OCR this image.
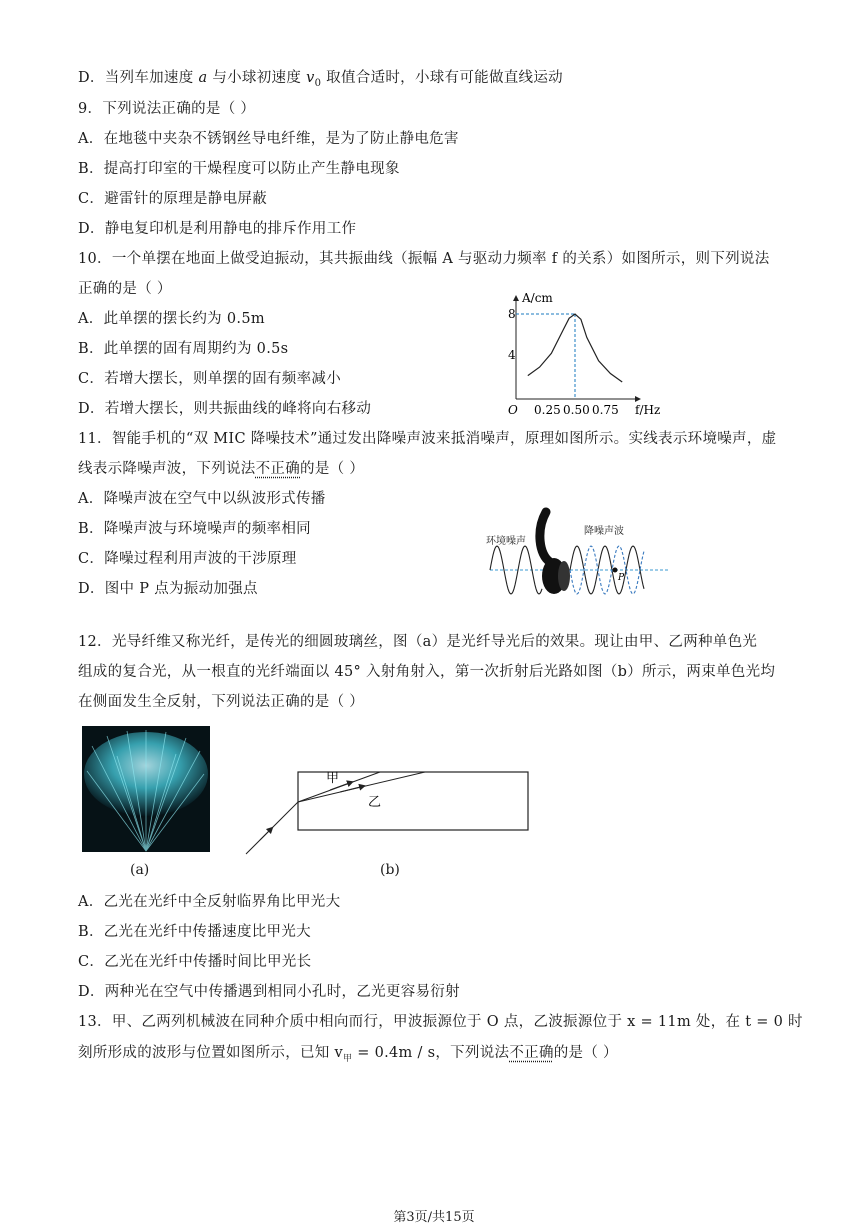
D．当列车加速度 a 与小球初速度 $v_0$ 取值合适时，小球有可能做直线运动
9．下列说法正确的是（ ）
A．在地毯中夹杂不锈钢丝导电纤维，是为了防止静电危害
B．提高打印室的干燥程度可以防止产生静电现象
C．避雷针的原理是静电屏蔽
D．静电复印机是利用静电的排斥作用工作
10．一个单摆在地面上做受迫振动，其共振曲线（振幅 A 与驱动力频率 f 的关系）如图所示，则下列说法
正确的是（ ）
A．此单摆的摆长约为 0.5m
B．此单摆的固有周期约为 0.5s
C．若增大摆长，则单摆的固有频率减小
D．若增大摆长，则共振曲线的峰将向右移动
A/cm
f/Hz
O
8
4
0.25 0.50 0.75
11．智能手机的“双 MIC 降噪技术”通过发出降噪声波来抵消噪声，原理如图所示。实线表示环境噪声，虚
线表示降噪声波，下列说法不正确的是（ ）
A．降噪声波在空气中以纵波形式传播
B．降噪声波与环境噪声的频率相同
C．降噪过程利用声波的干涉原理
D．图中 P 点为振动加强点
环境噪声
降噪声波
P
12．光导纤维又称光纤，是传光的细圆玻璃丝，图（a）是光纤导光后的效果。现让由甲、乙两种单色光
组成的复合光，从一根直的光纤端面以 45° 入射角射入，第一次折射后光路如图（b）所示，两束单色光均
在侧面发生全反射，下列说法正确的是（ ）
(a)
甲
乙
(b)
A．乙光在光纤中全反射临界角比甲光大
B．乙光在光纤中传播速度比甲光大
C．乙光在光纤中传播时间比甲光长
D．两种光在空气中传播遇到相同小孔时，乙光更容易衍射
13．甲、乙两列机械波在同种介质中相向而行，甲波振源位于 O 点，乙波振源位于 x = 11m 处，在 t = 0 时
刻所形成的波形与位置如图所示，已知 $v_甲 = 0.4m / s$，下列说法不正确的是（ ）
第3页/共15页
